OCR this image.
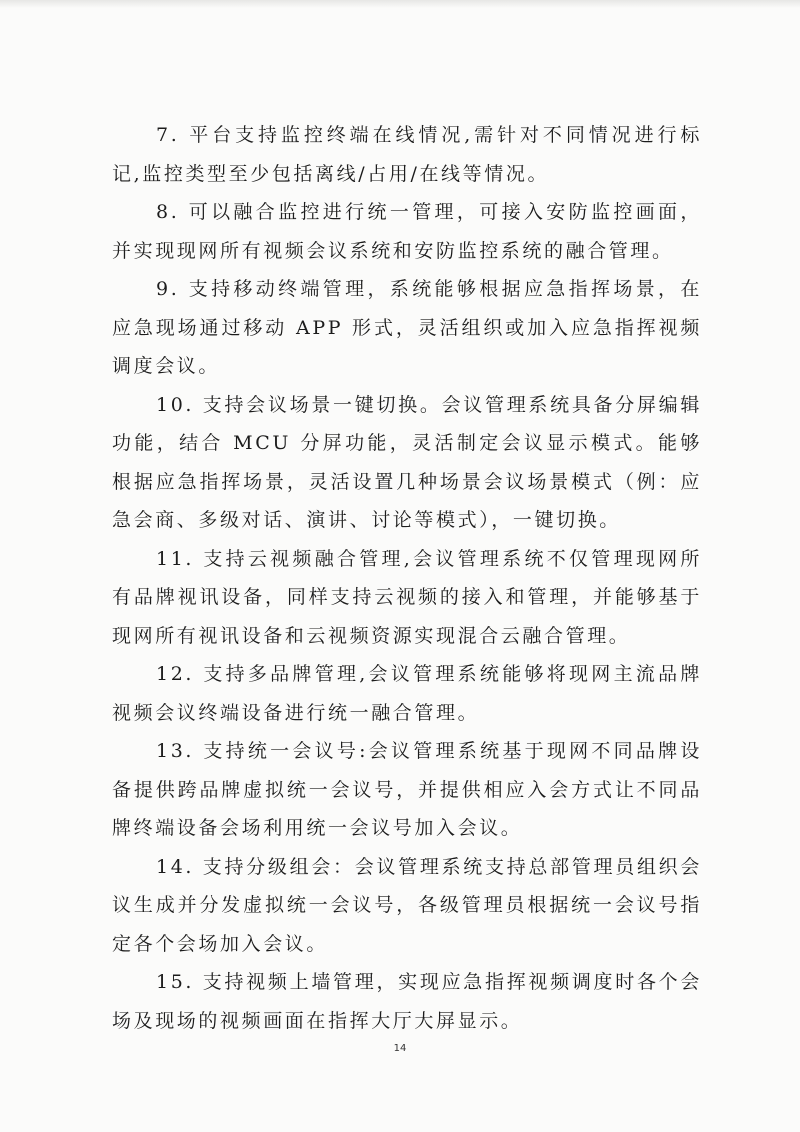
7. 平台支持监控终端在线情况,需针对不同情况进行标记,监控类型至少包括离线/占用/在线等情况。

8. 可以融合监控进行统一管理，可接入安防监控画面，并实现现网所有视频会议系统和安防监控系统的融合管理。

9. 支持移动终端管理，系统能够根据应急指挥场景，在应急现场通过移动 APP 形式，灵活组织或加入应急指挥视频调度会议。

10. 支持会议场景一键切换。会议管理系统具备分屏编辑功能，结合 MCU 分屏功能，灵活制定会议显示模式。能够根据应急指挥场景，灵活设置几种场景会议场景模式（例：应急会商、多级对话、演讲、讨论等模式），一键切换。

11. 支持云视频融合管理,会议管理系统不仅管理现网所有品牌视讯设备，同样支持云视频的接入和管理，并能够基于现网所有视讯设备和云视频资源实现混合云融合管理。

12. 支持多品牌管理,会议管理系统能够将现网主流品牌视频会议终端设备进行统一融合管理。

13. 支持统一会议号:会议管理系统基于现网不同品牌设备提供跨品牌虚拟统一会议号，并提供相应入会方式让不同品牌终端设备会场利用统一会议号加入会议。

14. 支持分级组会：会议管理系统支持总部管理员组织会议生成并分发虚拟统一会议号，各级管理员根据统一会议号指定各个会场加入会议。

15. 支持视频上墙管理，实现应急指挥视频调度时各个会场及现场的视频画面在指挥大厅大屏显示。

14
